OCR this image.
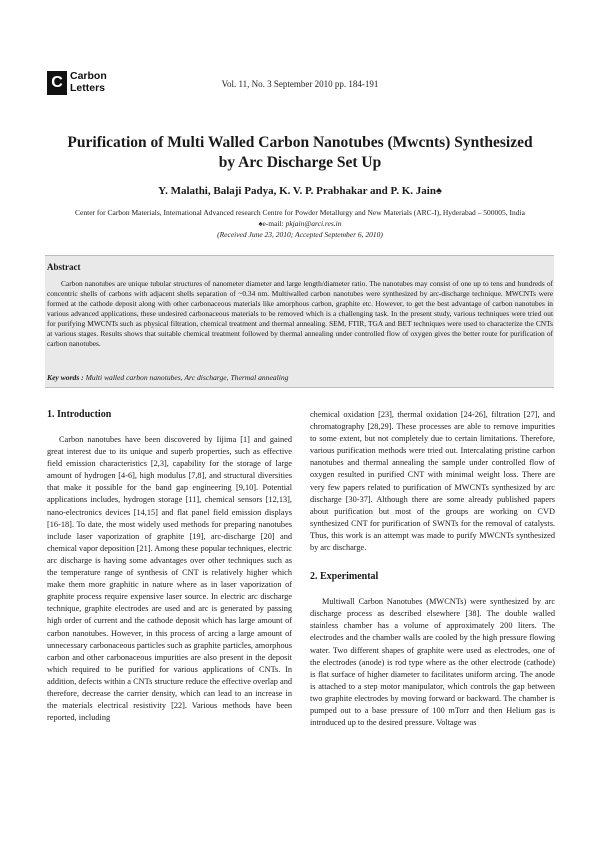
C Carbon
Letters	Vol. 11, No. 3 September 2010 pp. 184-191
Purification of Multi Walled Carbon Nanotubes (Mwcnts) Synthesized by Arc Discharge Set Up
Y. Malathi, Balaji Padya, K. V. P. Prabhakar and P. K. Jain♠
Center for Carbon Materials, International Advanced research Centre for Powder Metallurgy and New Materials (ARC-I), Hyderabad – 500005, India
♠e-mail: pkjain@arci.res.in
(Received June 23, 2010; Accepted September 6, 2010)
Abstract

Carbon nanotubes are unique tubular structures of nanometer diameter and large length/diameter ratio. The nanotubes may consist of one up to tens and hundreds of concentric shells of carbons with adjacent shells separation of ~0.34 nm. Multiwalled carbon nanotubes were synthesized by arc-discharge technique. MWCNTs were formed at the cathode deposit along with other carbonaceous materials like amorphous carbon, graphite etc. However, to get the best advantage of carbon nanotubes in various advanced applications, these undesired carbonaceous materials to be removed which is a challenging task. In the present study, various techniques were tried out for purifying MWCNTs such as physical filtration, chemical treatment and thermal annealing. SEM, FTIR, TGA and BET techniques were used to characterize the CNTs at various stages. Results shows that suitable chemical treatment followed by thermal annealing under controlled flow of oxygen gives the better route for purification of carbon nanotubes.

Key words : Multi walled carbon nanotubes, Arc discharge, Thermal annealing
1. Introduction

Carbon nanotubes have been discovered by Iijima [1] and gained great interest due to its unique and superb properties, such as effective field emission characteristics [2,3], capability for the storage of large amount of hydrogen [4-6], high modulus [7,8], and structural diversities that make it possible for the band gap engineering [9,10]. Potential applications includes, hydrogen storage [11], chemical sensors [12,13], nano-electronics devices [14,15] and flat panel field emission displays [16-18]. To date, the most widely used methods for preparing nanotubes include laser vaporization of graphite [19], arc-discharge [20] and chemical vapor deposition [21]. Among these popular techniques, electric arc discharge is having some advantages over other techniques such as the temperature range of synthesis of CNT is relatively higher which make them more graphitic in nature where as in laser vaporization of graphite process require expensive laser source. In electric arc discharge technique, graphite electrodes are used and arc is generated by passing high order of current and the cathode deposit which has large amount of carbon nanotubes. However, in this process of arcing a large amount of unnecessary carbonaceous particles such as graphite particles, amorphous carbon and other carbonaceous impurities are also present in the deposit which required to be purified for various applications of CNTs. In addition, defects within a CNTs structure reduce the effective overlap and therefore, decrease the carrier density, which can lead to an increase in the materials electrical resistivity [22]. Various methods have been reported, including

chemical oxidation [23], thermal oxidation [24-26], filtration [27], and chromatography [28,29]. These processes are able to remove impurities to some extent, but not completely due to certain limitations. Therefore, various purification methods were tried out. Intercalating pristine carbon nanotubes and thermal annealing the sample under controlled flow of oxygen resulted in purified CNT with minimal weight loss. There are very few papers related to purification of MWCNTs synthesized by arc discharge [30-37]. Although there are some already published papers about purification but most of the groups are working on CVD synthesized CNT for purification of SWNTs for the removal of catalysts. Thus, this work is an attempt was made to purify MWCNTs synthesized by arc discharge.

2. Experimental

Multiwall Carbon Nanotubes (MWCNTs) were synthesized by arc discharge process as described elsewhere [38]. The double walled stainless chamber has a volume of approximately 200 liters. The electrodes and the chamber walls are cooled by the high pressure flowing water. Two different shapes of graphite were used as electrodes, one of the electrodes (anode) is rod type where as the other electrode (cathode) is flat surface of higher diameter to facilitates uniform arcing. The anode is attached to a step motor manipulator, which controls the gap between two graphite electrodes by moving forward or backward. The chamber is pumped out to a base pressure of 100 mTorr and then Helium gas is introduced up to the desired pressure. Voltage was
